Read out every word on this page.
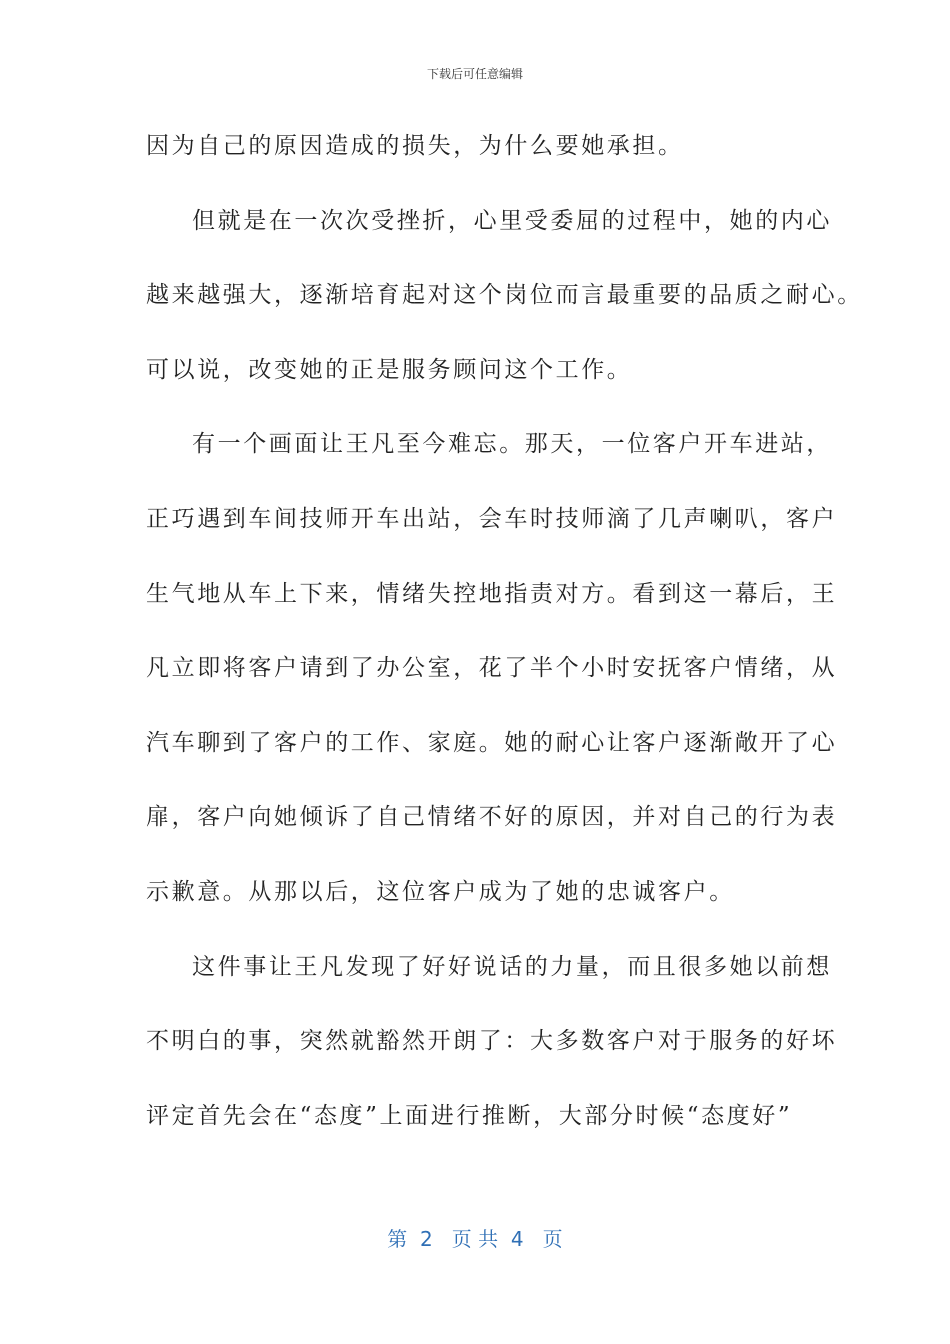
下载后可任意编辑
因为自己的原因造成的损失，为什么要她承担。
但就是在一次次受挫折，心里受委屈的过程中，她的内心
越来越强大，逐渐培育起对这个岗位而言最重要的品质之耐心。
可以说，改变她的正是服务顾问这个工作。
有一个画面让王凡至今难忘。那天，一位客户开车进站，
正巧遇到车间技师开车出站，会车时技师滴了几声喇叭，客户
生气地从车上下来，情绪失控地指责对方。看到这一幕后，王
凡立即将客户请到了办公室，花了半个小时安抚客户情绪，从
汽车聊到了客户的工作、家庭。她的耐心让客户逐渐敞开了心
扉，客户向她倾诉了自己情绪不好的原因，并对自己的行为表
示歉意。从那以后，这位客户成为了她的忠诚客户。
这件事让王凡发现了好好说话的力量，而且很多她以前想
不明白的事，突然就豁然开朗了：大多数客户对于服务的好坏
评定首先会在“态度”上面进行推断，大部分时候“态度好”
第  2   页 共  4   页
